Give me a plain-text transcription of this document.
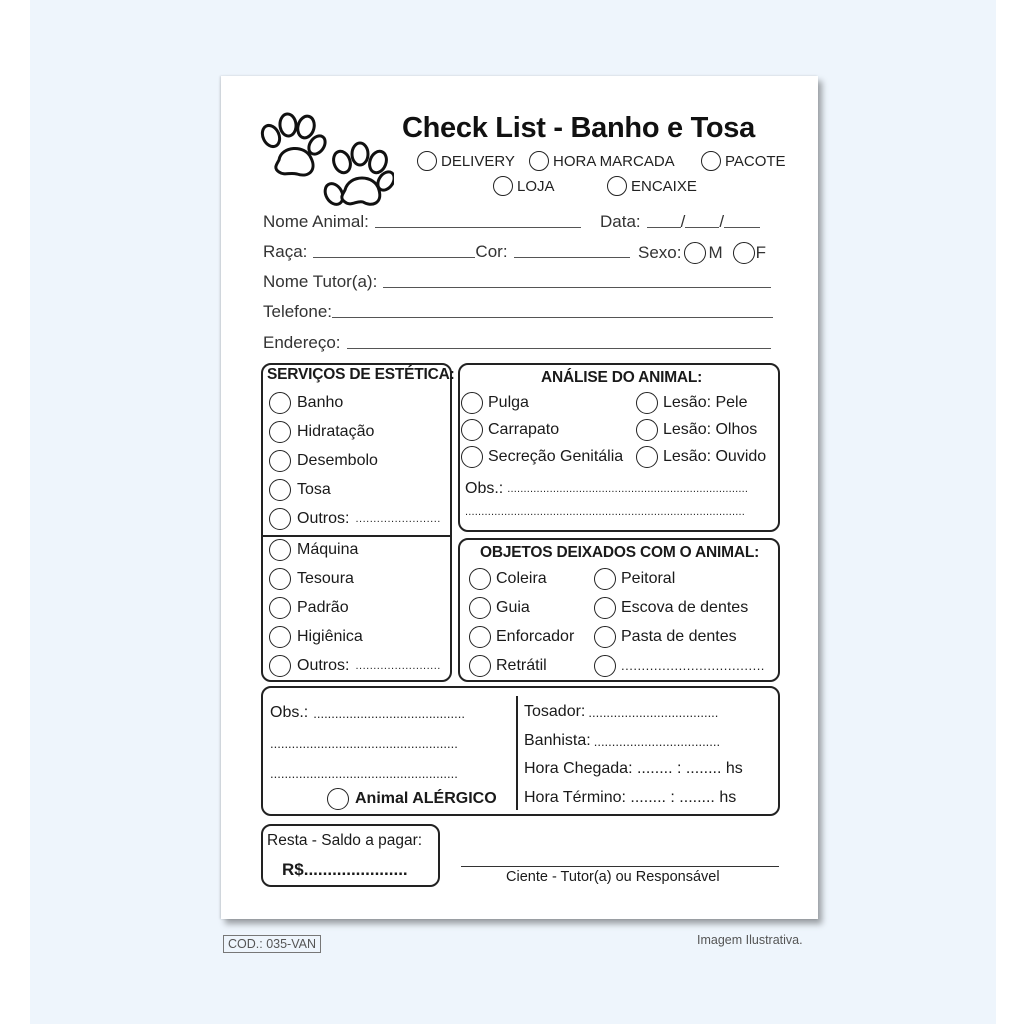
Check List - Banho e Tosa
DELIVERY	HORA MARCADA	PACOTE
LOJA	ENCAIXE
Nome Animal:	Data: / /
Raça:	Cor:	Sexo: M F
Nome Tutor(a):
Telefone:
Endereço:
SERVIÇOS DE ESTÉTICA:
Banho
Hidratação
Desembolo
Tosa
Outros: ........................
Máquina
Tesoura
Padrão
Higiênica
Outros: ........................
ANÁLISE DO ANIMAL:
Pulga
Carrapato
Secreção Genitália
Lesão: Pele
Lesão: Olhos
Lesão: Ouvido
Obs.: ..........................................................................
......................................................................................
OBJETOS DEIXADOS COM O ANIMAL:
Coleira
Guia
Enforcador
Retrátil
Peitoral
Escova de dentes
Pasta de dentes
...................................
Obs.: ..........................................
....................................................
....................................................
Animal ALÉRGICO
Tosador: ....................................
Banhista: ...................................
Hora Chegada: ........ : ........ hs
Hora Término: ........ : ........ hs
Resta - Saldo a pagar:
R$......................	Ciente - Tutor(a) ou Responsável
COD.: 035-VAN	Imagem Ilustrativa.
